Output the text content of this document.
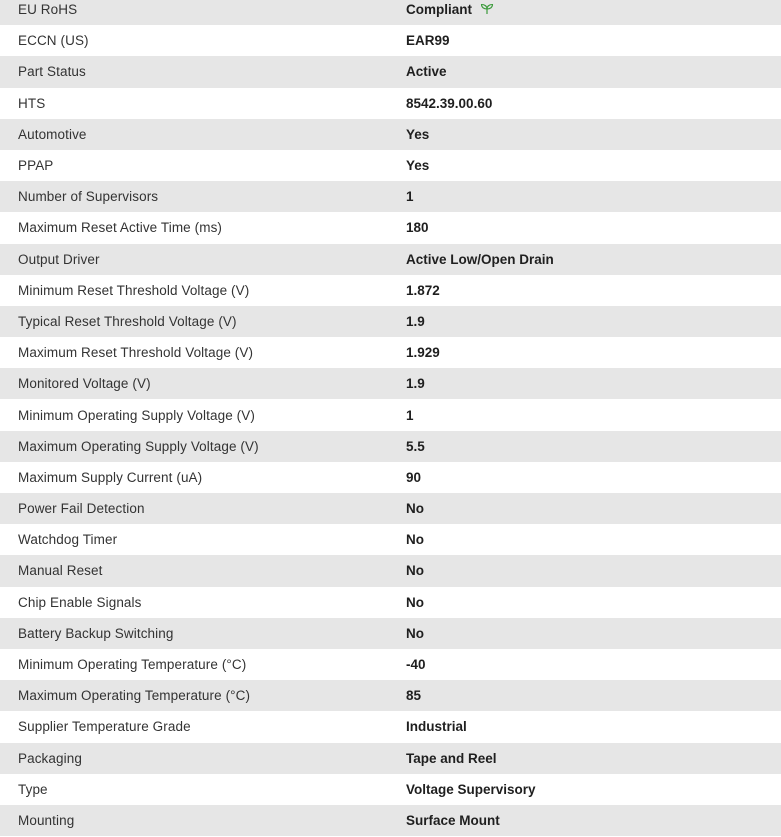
EU RoHS	Compliant
ECCN (US)	EAR99
Part Status	Active
HTS	8542.39.00.60
Automotive	Yes
PPAP	Yes
Number of Supervisors	1
Maximum Reset Active Time (ms)	180
Output Driver	Active Low/Open Drain
Minimum Reset Threshold Voltage (V)	1.872
Typical Reset Threshold Voltage (V)	1.9
Maximum Reset Threshold Voltage (V)	1.929
Monitored Voltage (V)	1.9
Minimum Operating Supply Voltage (V)	1
Maximum Operating Supply Voltage (V)	5.5
Maximum Supply Current (uA)	90
Power Fail Detection	No
Watchdog Timer	No
Manual Reset	No
Chip Enable Signals	No
Battery Backup Switching	No
Minimum Operating Temperature (°C)	-40
Maximum Operating Temperature (°C)	85
Supplier Temperature Grade	Industrial
Packaging	Tape and Reel
Type	Voltage Supervisory
Mounting	Surface Mount
